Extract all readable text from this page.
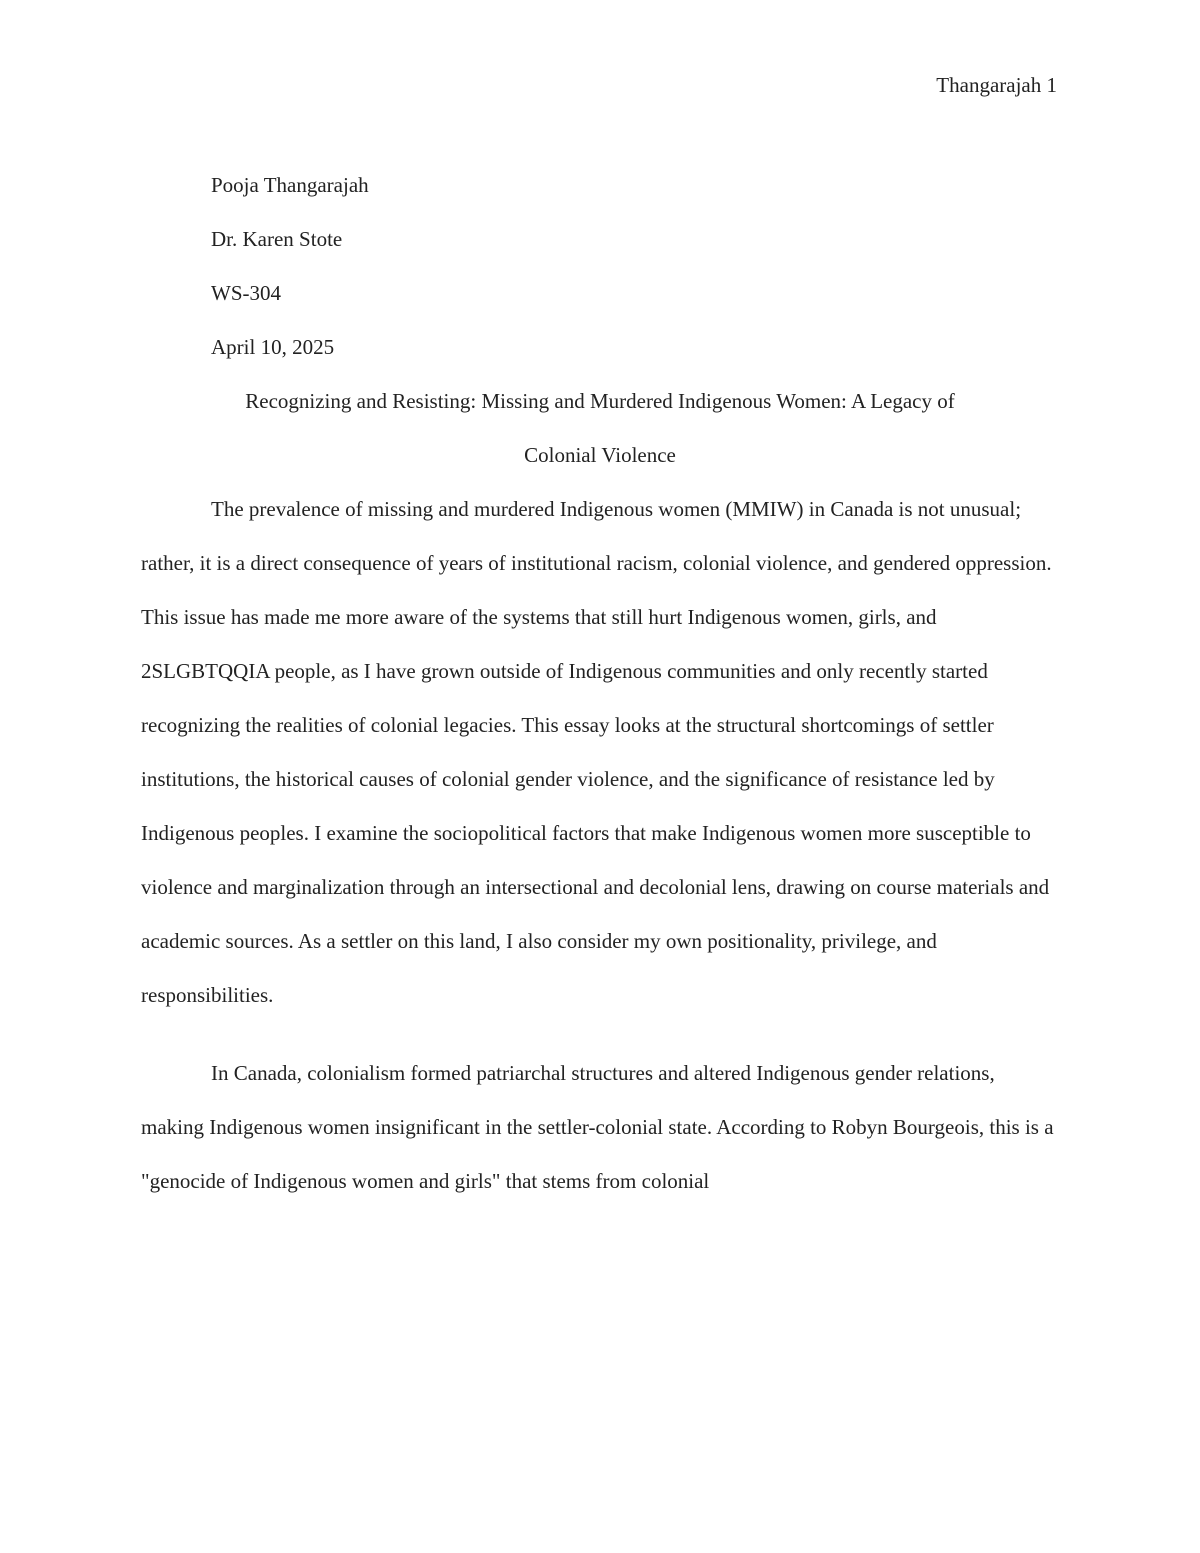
Thangarajah 1
Pooja Thangarajah
Dr. Karen Stote
WS-304
April 10, 2025
Recognizing and Resisting: Missing and Murdered Indigenous Women: A Legacy of
Colonial Violence

The prevalence of missing and murdered Indigenous women (MMIW) in Canada is not unusual; rather, it is a direct consequence of years of institutional racism, colonial violence, and gendered oppression. This issue has made me more aware of the systems that still hurt Indigenous women, girls, and 2SLGBTQQIA people, as I have grown outside of Indigenous communities and only recently started recognizing the realities of colonial legacies. This essay looks at the structural shortcomings of settler institutions, the historical causes of colonial gender violence, and the significance of resistance led by Indigenous peoples. I examine the sociopolitical factors that make Indigenous women more susceptible to violence and marginalization through an intersectional and decolonial lens, drawing on course materials and academic sources. As a settler on this land, I also consider my own positionality, privilege, and responsibilities.

In Canada, colonialism formed patriarchal structures and altered Indigenous gender relations, making Indigenous women insignificant in the settler-colonial state. According to Robyn Bourgeois, this is a "genocide of Indigenous women and girls" that stems from colonial
